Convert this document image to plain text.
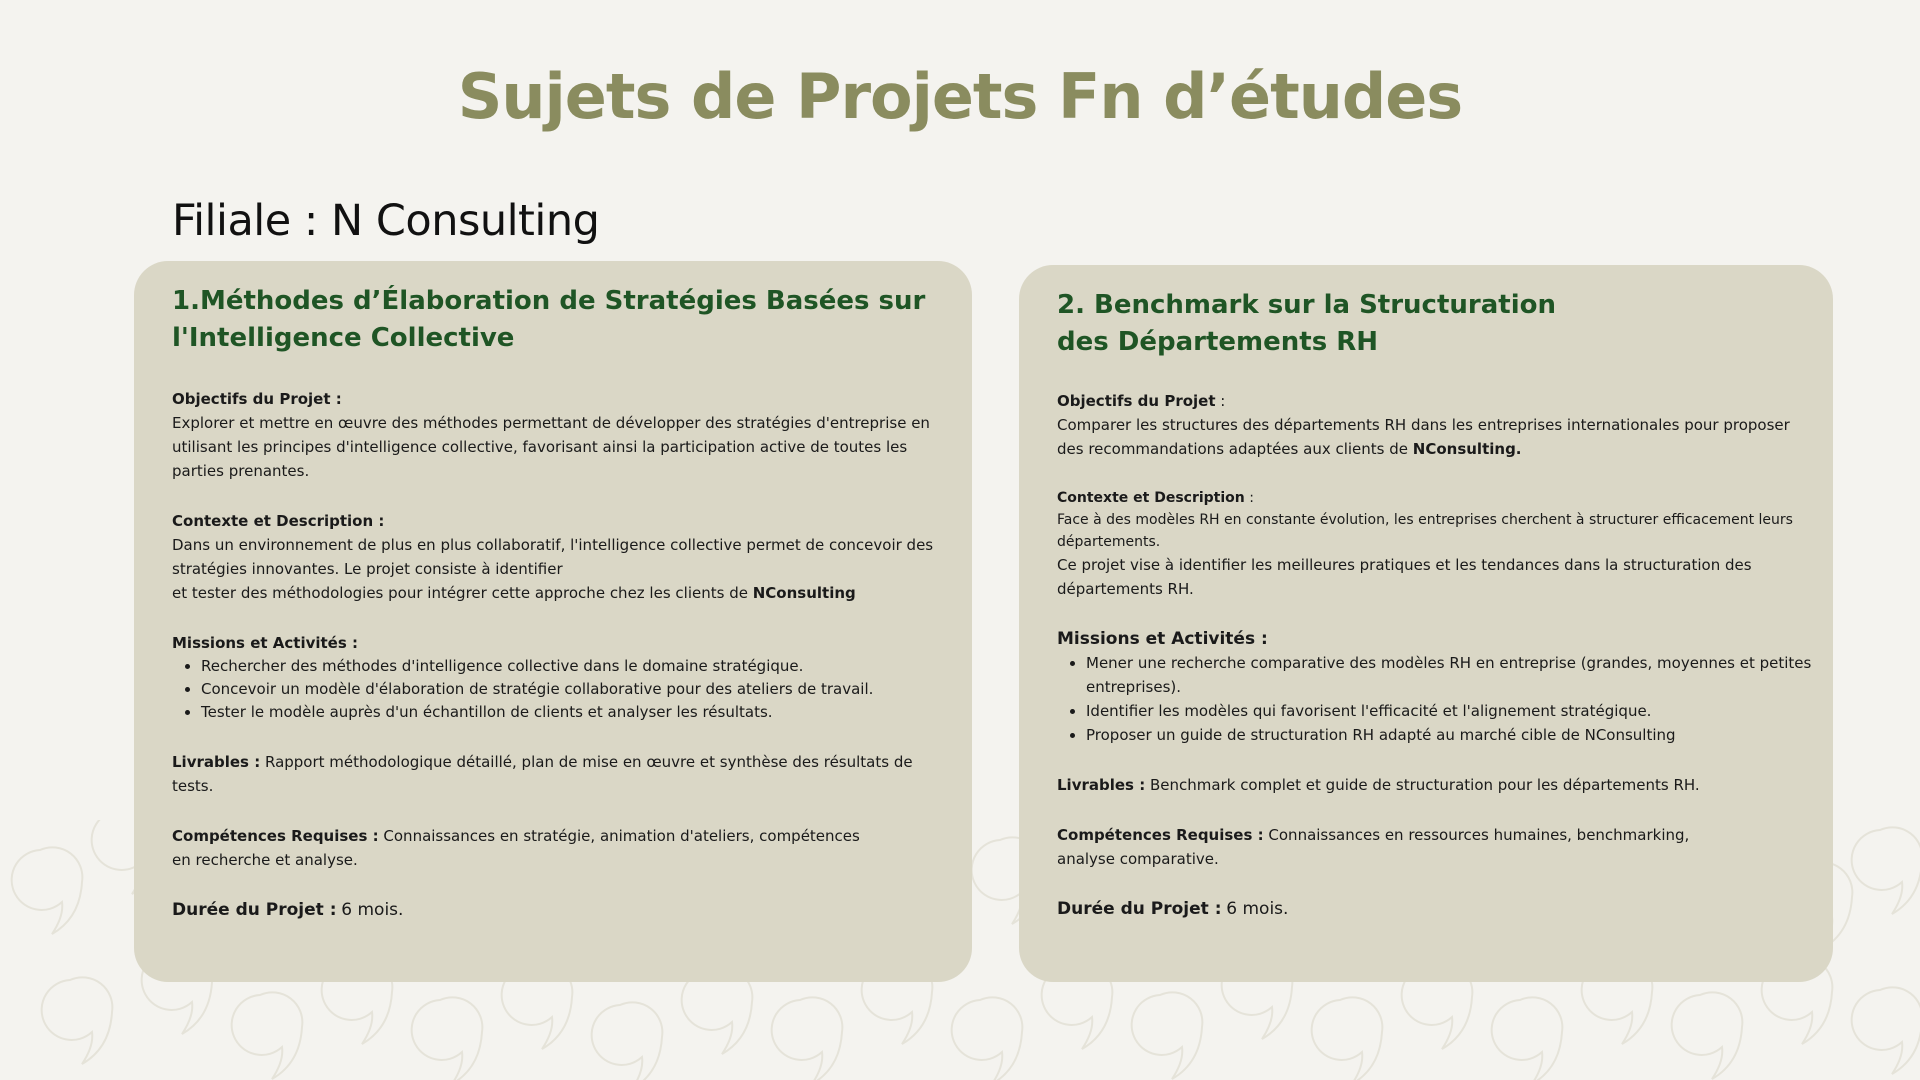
Sujets de Projets Fn d’études
Filiale : N Consulting
1.Méthodes d’Élaboration de Stratégies Basées sur
l'Intelligence Collective
Objectifs du Projet :
Explorer et mettre en œuvre des méthodes permettant de développer des stratégies d'entreprise en utilisant les principes d'intelligence collective, favorisant ainsi la participation active de toutes les parties prenantes.
Contexte et Description :
Dans un environnement de plus en plus collaboratif, l'intelligence collective permet de concevoir des stratégies innovantes. Le projet consiste à identifier
et tester des méthodologies pour intégrer cette approche chez les clients de NConsulting
Missions et Activités :
• Rechercher des méthodes d'intelligence collective dans le domaine stratégique.
• Concevoir un modèle d'élaboration de stratégie collaborative pour des ateliers de travail.
• Tester le modèle auprès d'un échantillon de clients et analyser les résultats.
Livrables : Rapport méthodologique détaillé, plan de mise en œuvre et synthèse des résultats de tests.
Compétences Requises : Connaissances en stratégie, animation d'ateliers, compétences
en recherche et analyse.
Durée du Projet : 6 mois.
2. Benchmark sur la Structuration
des Départements RH
Objectifs du Projet :
Comparer les structures des départements RH dans les entreprises internationales pour proposer des recommandations adaptées aux clients de NConsulting.
Contexte et Description :
Face à des modèles RH en constante évolution, les entreprises cherchent à structurer efficacement leurs départements.
Ce projet vise à identifier les meilleures pratiques et les tendances dans la structuration des départements RH.
Missions et Activités :
• Mener une recherche comparative des modèles RH en entreprise (grandes, moyennes et petites entreprises).
• Identifier les modèles qui favorisent l'efficacité et l'alignement stratégique.
• Proposer un guide de structuration RH adapté au marché cible de NConsulting
Livrables : Benchmark complet et guide de structuration pour les départements RH.
Compétences Requises : Connaissances en ressources humaines, benchmarking,
analyse comparative.
Durée du Projet : 6 mois.
